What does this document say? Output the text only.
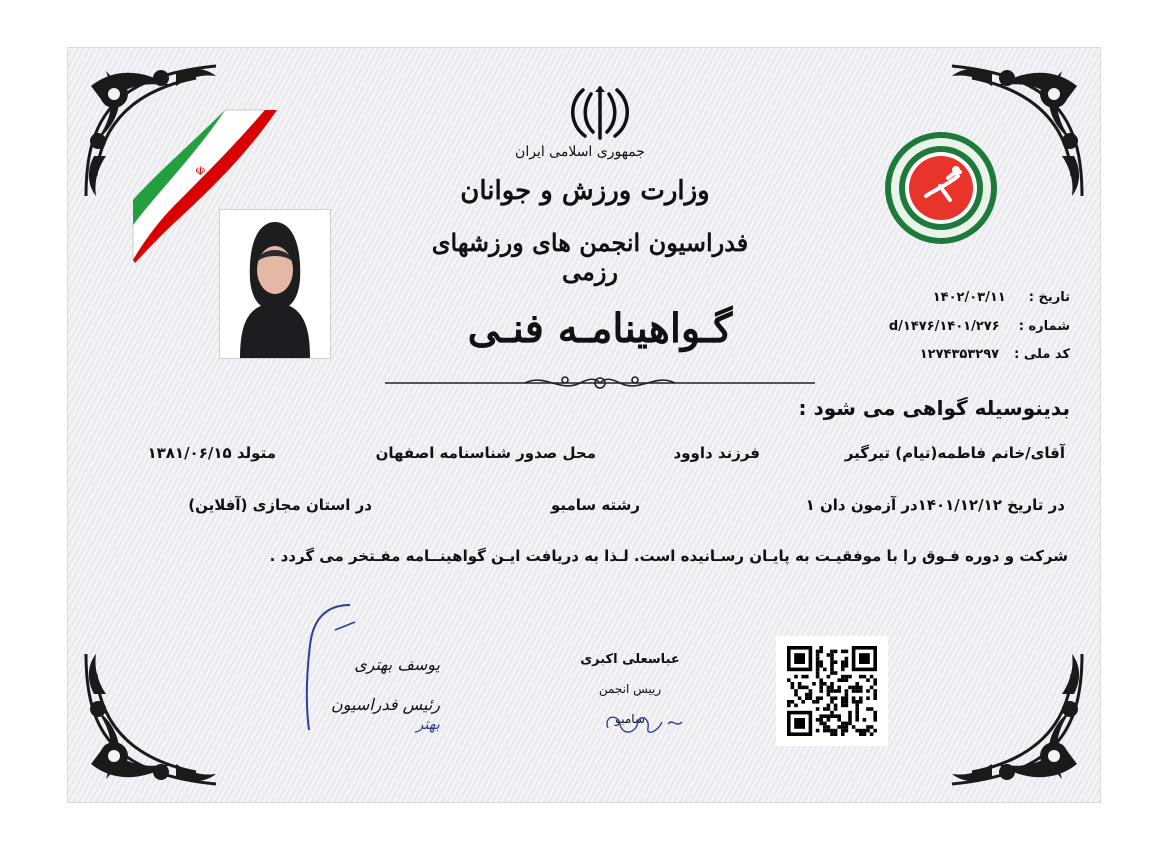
☫
جمهوری اسلامی ایران
وزارت ورزش و جوانان
فدراسیون انجمن های ورزشهای رزمی
تاریخ :  ۱۴۰۲/۰۳/۱۱
شماره :  ۱۴۰۱/۲۷۶/d/۱۴۷۶
کد ملی :  ۱۲۷۴۳۵۳۲۹۷
گـواهینامـه فنـی
بدینوسیله گواهی می شود :
آقای/خانم فاطمه(تیام) تیرگیر
فرزند داوود
محل صدور شناسنامه اصفهان
متولد ۱۳۸۱/۰۶/۱۵
در تاریخ ۱۴۰۱/۱۲/۱۲در آزمون دان ۱
رشته سامبو
در استان مجازی (آفلاین)
شرکت و دوره فـوق را با موفقیـت به پایـان رسـانیده است. لـذا به دریافت ایـن گواهینــامه مفـتخر می گردد .
یوسف بهتری
رئیس فدراسیون بهتر
عباسعلی اکبری
رییس انجمن
سامبو
